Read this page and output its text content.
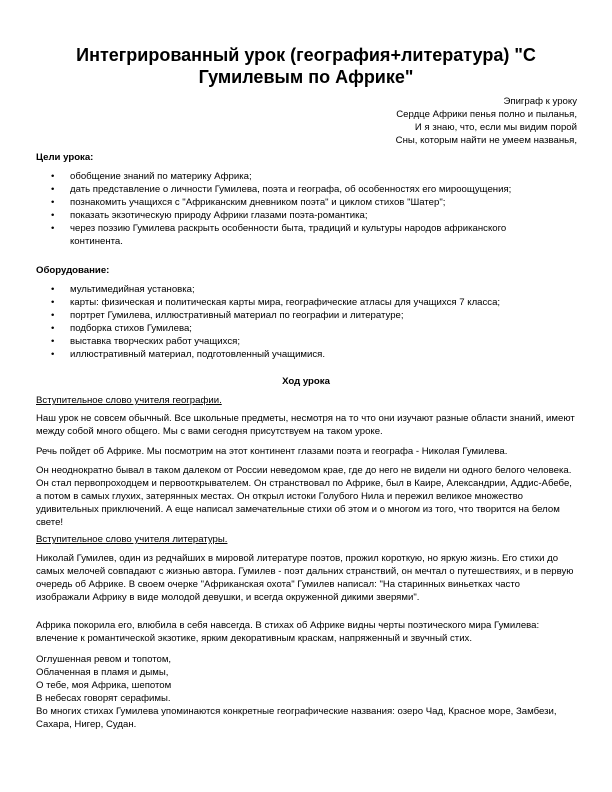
Интегрированный урок (география+литература) "С Гумилевым по Африке"
Эпиграф к уроку
Сердце Африки пенья полно и пыланья,
И я знаю, что, если мы видим порой
Сны, которым найти не умеем названья,
Цели урока:
• обобщение знаний по материку Африка;
• дать представление о личности Гумилева, поэта и географа, об особенностях его мироощущения;
• познакомить учащихся с "Африканским дневником поэта" и циклом стихов "Шатер";
• показать экзотическую природу Африки глазами поэта-романтика;
• через поэзию Гумилева раскрыть особенности быта, традиций и культуры народов африканского континента.
Оборудование:
• мультимедийная установка;
• карты: физическая и политическая карты мира, географические атласы для учащихся 7 класса;
• портрет Гумилева, иллюстративный материал по географии и литературе;
• подборка стихов Гумилева;
• выставка творческих работ учащихся;
• иллюстративный материал, подготовленный учащимися.
Ход урока
Вступительное слово учителя географии.

Наш урок не совсем обычный. Все школьные предметы, несмотря на то что они изучают разные области знаний, имеют между собой много общего. Мы с вами сегодня присутствуем на таком уроке.

Речь пойдет об Африке. Мы посмотрим на этот континент глазами поэта и географа - Николая Гумилева.

Он неоднократно бывал в таком далеком от России неведомом крае, где до него не видели ни одного белого человека. Он стал первопроходцем и первооткрывателем. Он странствовал по Африке, был в Каире, Александрии, Аддис-Абебе, а потом в самых глухих, затерянных местах. Он открыл истоки Голубого Нила и пережил великое множество удивительных приключений. А еще написал замечательные стихи об этом и о многом из того, что творится на белом свете!

Вступительное слово учителя литературы.

Николай Гумилев, один из редчайших в мировой литературе поэтов, прожил короткую, но яркую жизнь. Его стихи до самых мелочей совпадают с жизнью автора. Гумилев - поэт дальних странствий, он мечтал о путешествиях, и в первую очередь об Африке. В своем очерке "Африканская охота" Гумилев написал: "На старинных виньетках часто изображали Африку в виде молодой девушки, и всегда окруженной дикими зверями".

Африка покорила его, влюбила в себя навсегда. В стихах об Африке видны черты поэтического мира Гумилева: влечение к романтической экзотике, ярким декоративным краскам, напряженный и звучный стих.

Оглушенная ревом и топотом,
Облаченная в пламя и дымы,
О тебе, моя Африка, шепотом
В небесах говорят серафимы.

Во многих стихах Гумилева упоминаются конкретные географические названия: озеро Чад, Красное море, Замбези, Сахара, Нигер, Судан.
